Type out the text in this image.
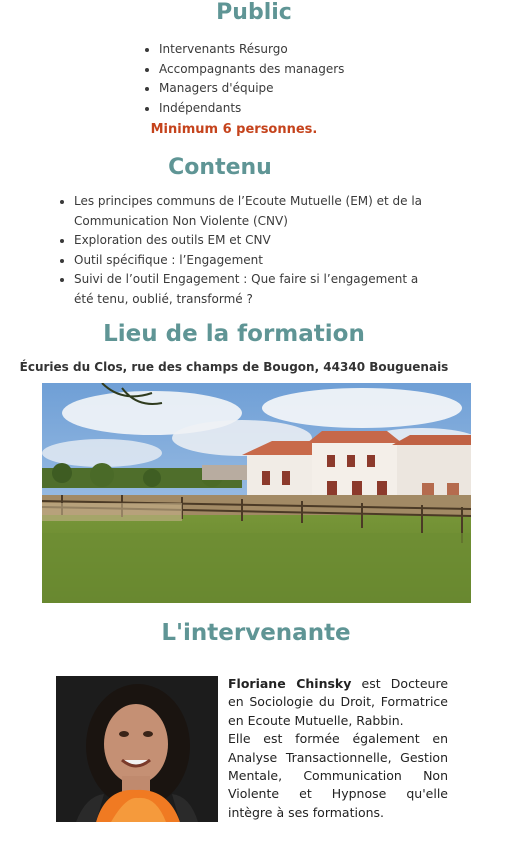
Public
• Intervenants Résurgo
• Accompagnants des managers
• Managers d'équipe
• Indépendants
Minimum 6 personnes.
Contenu
• Les principes communs de l’Ecoute Mutuelle (EM) et de la Communication Non Violente (CNV)
• Exploration des outils EM et CNV
• Outil spécifique : l’Engagement
• Suivi de l’outil Engagement : Que faire si l’engagement a été tenu, oublié, transformé ?
Lieu de la formation
Écuries du Clos, rue des champs de Bougon, 44340 Bouguenais
L'intervenante
Floriane Chinsky est Docteure en Sociologie du Droit, Formatrice en Ecoute Mutuelle, Rabbin.
Elle est formée également en Analyse Transactionnelle, Gestion Mentale, Communication Non Violente et Hypnose qu'elle intègre à ses formations.
